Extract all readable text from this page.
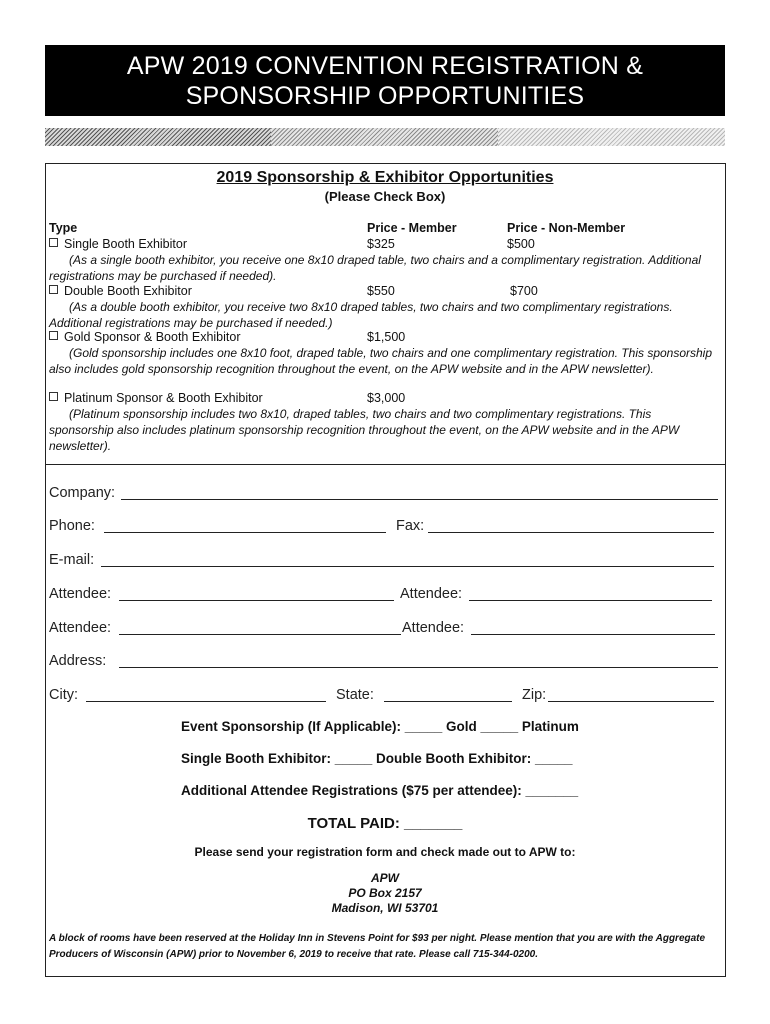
APW 2019 CONVENTION REGISTRATION &
SPONSORSHIP OPPORTUNITIES
2019 Sponsorship & Exhibitor Opportunities
(Please Check Box)
Type	Price - Member	Price - Non-Member
Single Booth Exhibitor	$325	$500
(As a single booth exhibitor, you receive one 8x10 draped table, two chairs and a complimentary registration. Additional registrations may be purchased if needed).
Double Booth Exhibitor	$550	$700
(As a double booth exhibitor, you receive two 8x10 draped tables, two chairs and two complimentary registrations. Additional registrations may be purchased if needed.)
Gold Sponsor & Booth Exhibitor	$1,500
(Gold sponsorship includes one 8x10 foot, draped table, two chairs and one complimentary registration. This sponsorship also includes gold sponsorship recognition throughout the event, on the APW website and in the APW newsletter).
Platinum Sponsor & Booth Exhibitor	$3,000
(Platinum sponsorship includes two 8x10, draped tables, two chairs and two complimentary registrations. This sponsorship also includes platinum sponsorship recognition throughout the event, on the APW website and in the APW newsletter).
Company:
Phone:	Fax:
E-mail:
Attendee:	Attendee:
Attendee:	Attendee:
Address:
City:	State:	Zip:
Event Sponsorship (If Applicable): _____ Gold _____ Platinum
Single Booth Exhibitor: _____ Double Booth Exhibitor: _____
Additional Attendee Registrations ($75 per attendee): _______
TOTAL PAID: _______
Please send your registration form and check made out to APW to:
APW
PO Box 2157
Madison, WI 53701
A block of rooms have been reserved at the Holiday Inn in Stevens Point for $93 per night. Please mention that you are with the Aggregate Producers of Wisconsin (APW) prior to November 6, 2019 to receive that rate. Please call 715-344-0200.
